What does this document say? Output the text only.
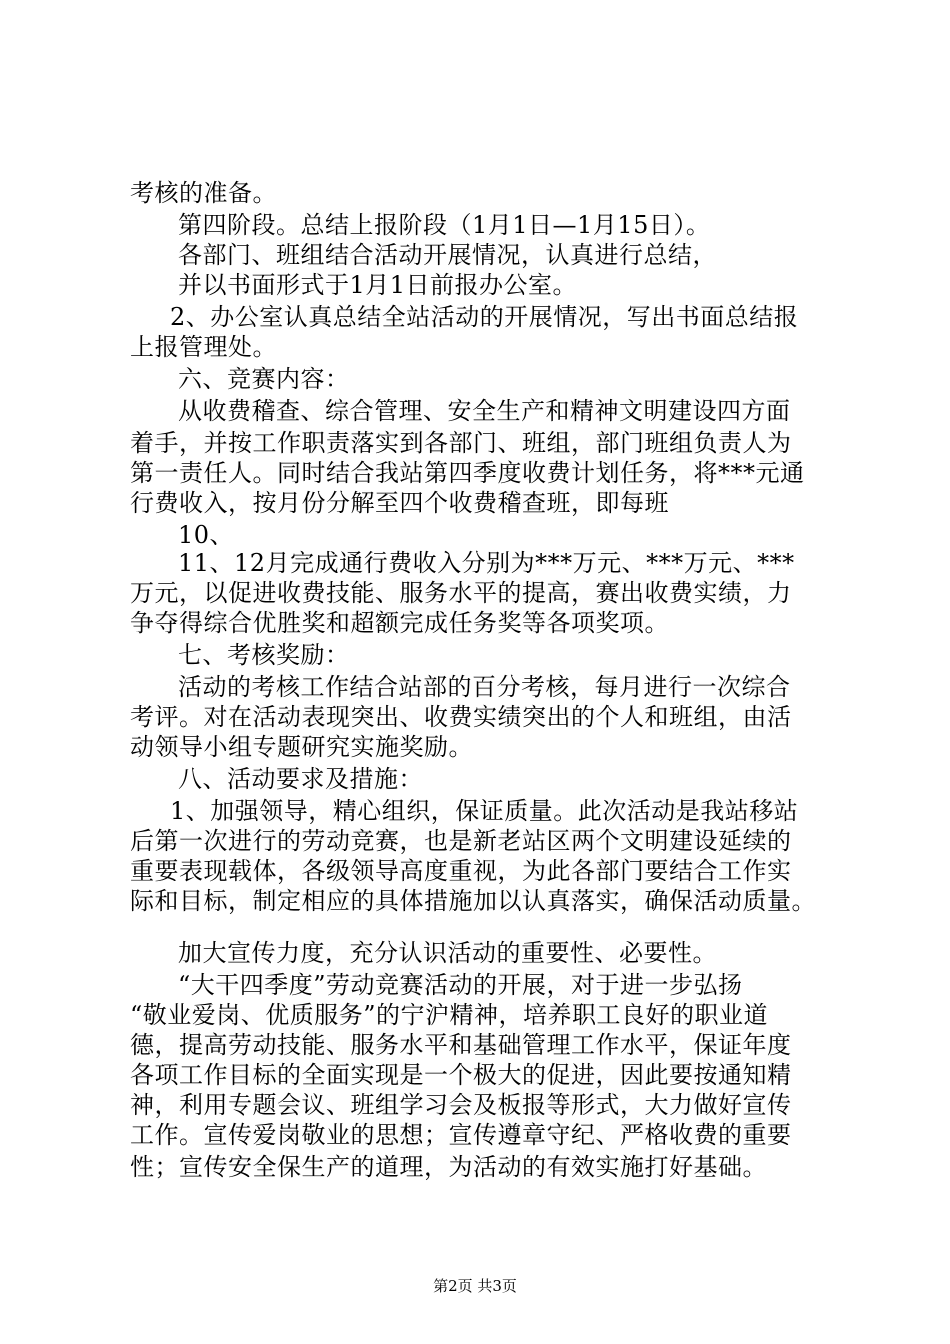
考核的准备。
第四阶段。总结上报阶段（1月1日—1月15日）。
各部门、班组结合活动开展情况，认真进行总结，
并以书面形式于1月1日前报办公室。
2、办公室认真总结全站活动的开展情况，写出书面总结报
上报管理处。
六、竞赛内容：
从收费稽查、综合管理、安全生产和精神文明建设四方面
着手，并按工作职责落实到各部门、班组，部门班组负责人为
第一责任人。同时结合我站第四季度收费计划任务，将***元通
行费收入，按月份分解至四个收费稽查班，即每班
10、
11、12月完成通行费收入分别为***万元、***万元、***
万元，以促进收费技能、服务水平的提高，赛出收费实绩，力
争夺得综合优胜奖和超额完成任务奖等各项奖项。
七、考核奖励：
活动的考核工作结合站部的百分考核，每月进行一次综合
考评。对在活动表现突出、收费实绩突出的个人和班组，由活
动领导小组专题研究实施奖励。
八、活动要求及措施：
1、加强领导，精心组织，保证质量。此次活动是我站移站
后第一次进行的劳动竞赛，也是新老站区两个文明建设延续的
重要表现载体，各级领导高度重视，为此各部门要结合工作实
际和目标，制定相应的具体措施加以认真落实，确保活动质量。
加大宣传力度，充分认识活动的重要性、必要性。
“大干四季度”劳动竞赛活动的开展，对于进一步弘扬
“敬业爱岗、优质服务”的宁沪精神，培养职工良好的职业道
德，提高劳动技能、服务水平和基础管理工作水平，保证年度
各项工作目标的全面实现是一个极大的促进，因此要按通知精
神，利用专题会议、班组学习会及板报等形式，大力做好宣传
工作。宣传爱岗敬业的思想；宣传遵章守纪、严格收费的重要
性；宣传安全保生产的道理，为活动的有效实施打好基础。
第2页 共3页
